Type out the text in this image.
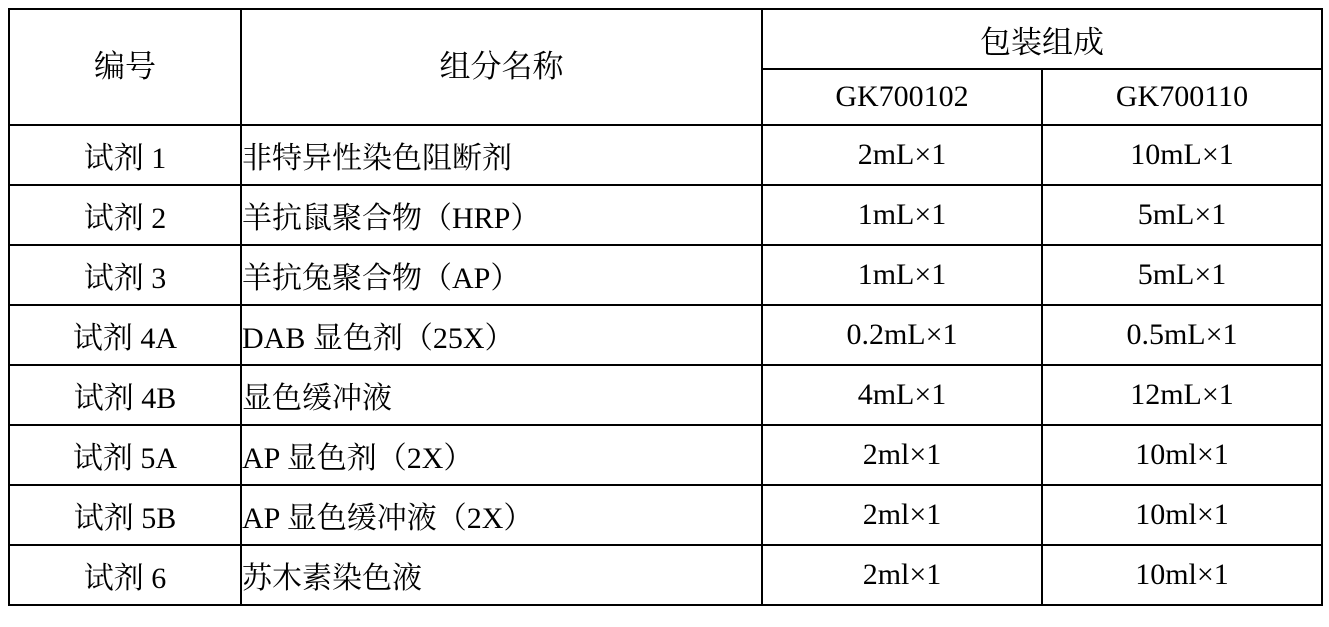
编号	组分名称	包装组成	
		GK700102	GK700110
试剂 1	非特异性染色阻断剂	2mL×1	10mL×1
试剂 2	羊抗鼠聚合物（HRP）	1mL×1	5mL×1
试剂 3	羊抗兔聚合物（AP）	1mL×1	5mL×1
试剂 4A	DAB 显色剂（25X）	0.2mL×1	0.5mL×1
试剂 4B	显色缓冲液	4mL×1	12mL×1
试剂 5A	AP 显色剂（2X）	2ml×1	10ml×1
试剂 5B	AP 显色缓冲液（2X）	2ml×1	10ml×1
试剂 6	苏木素染色液	2ml×1	10ml×1
